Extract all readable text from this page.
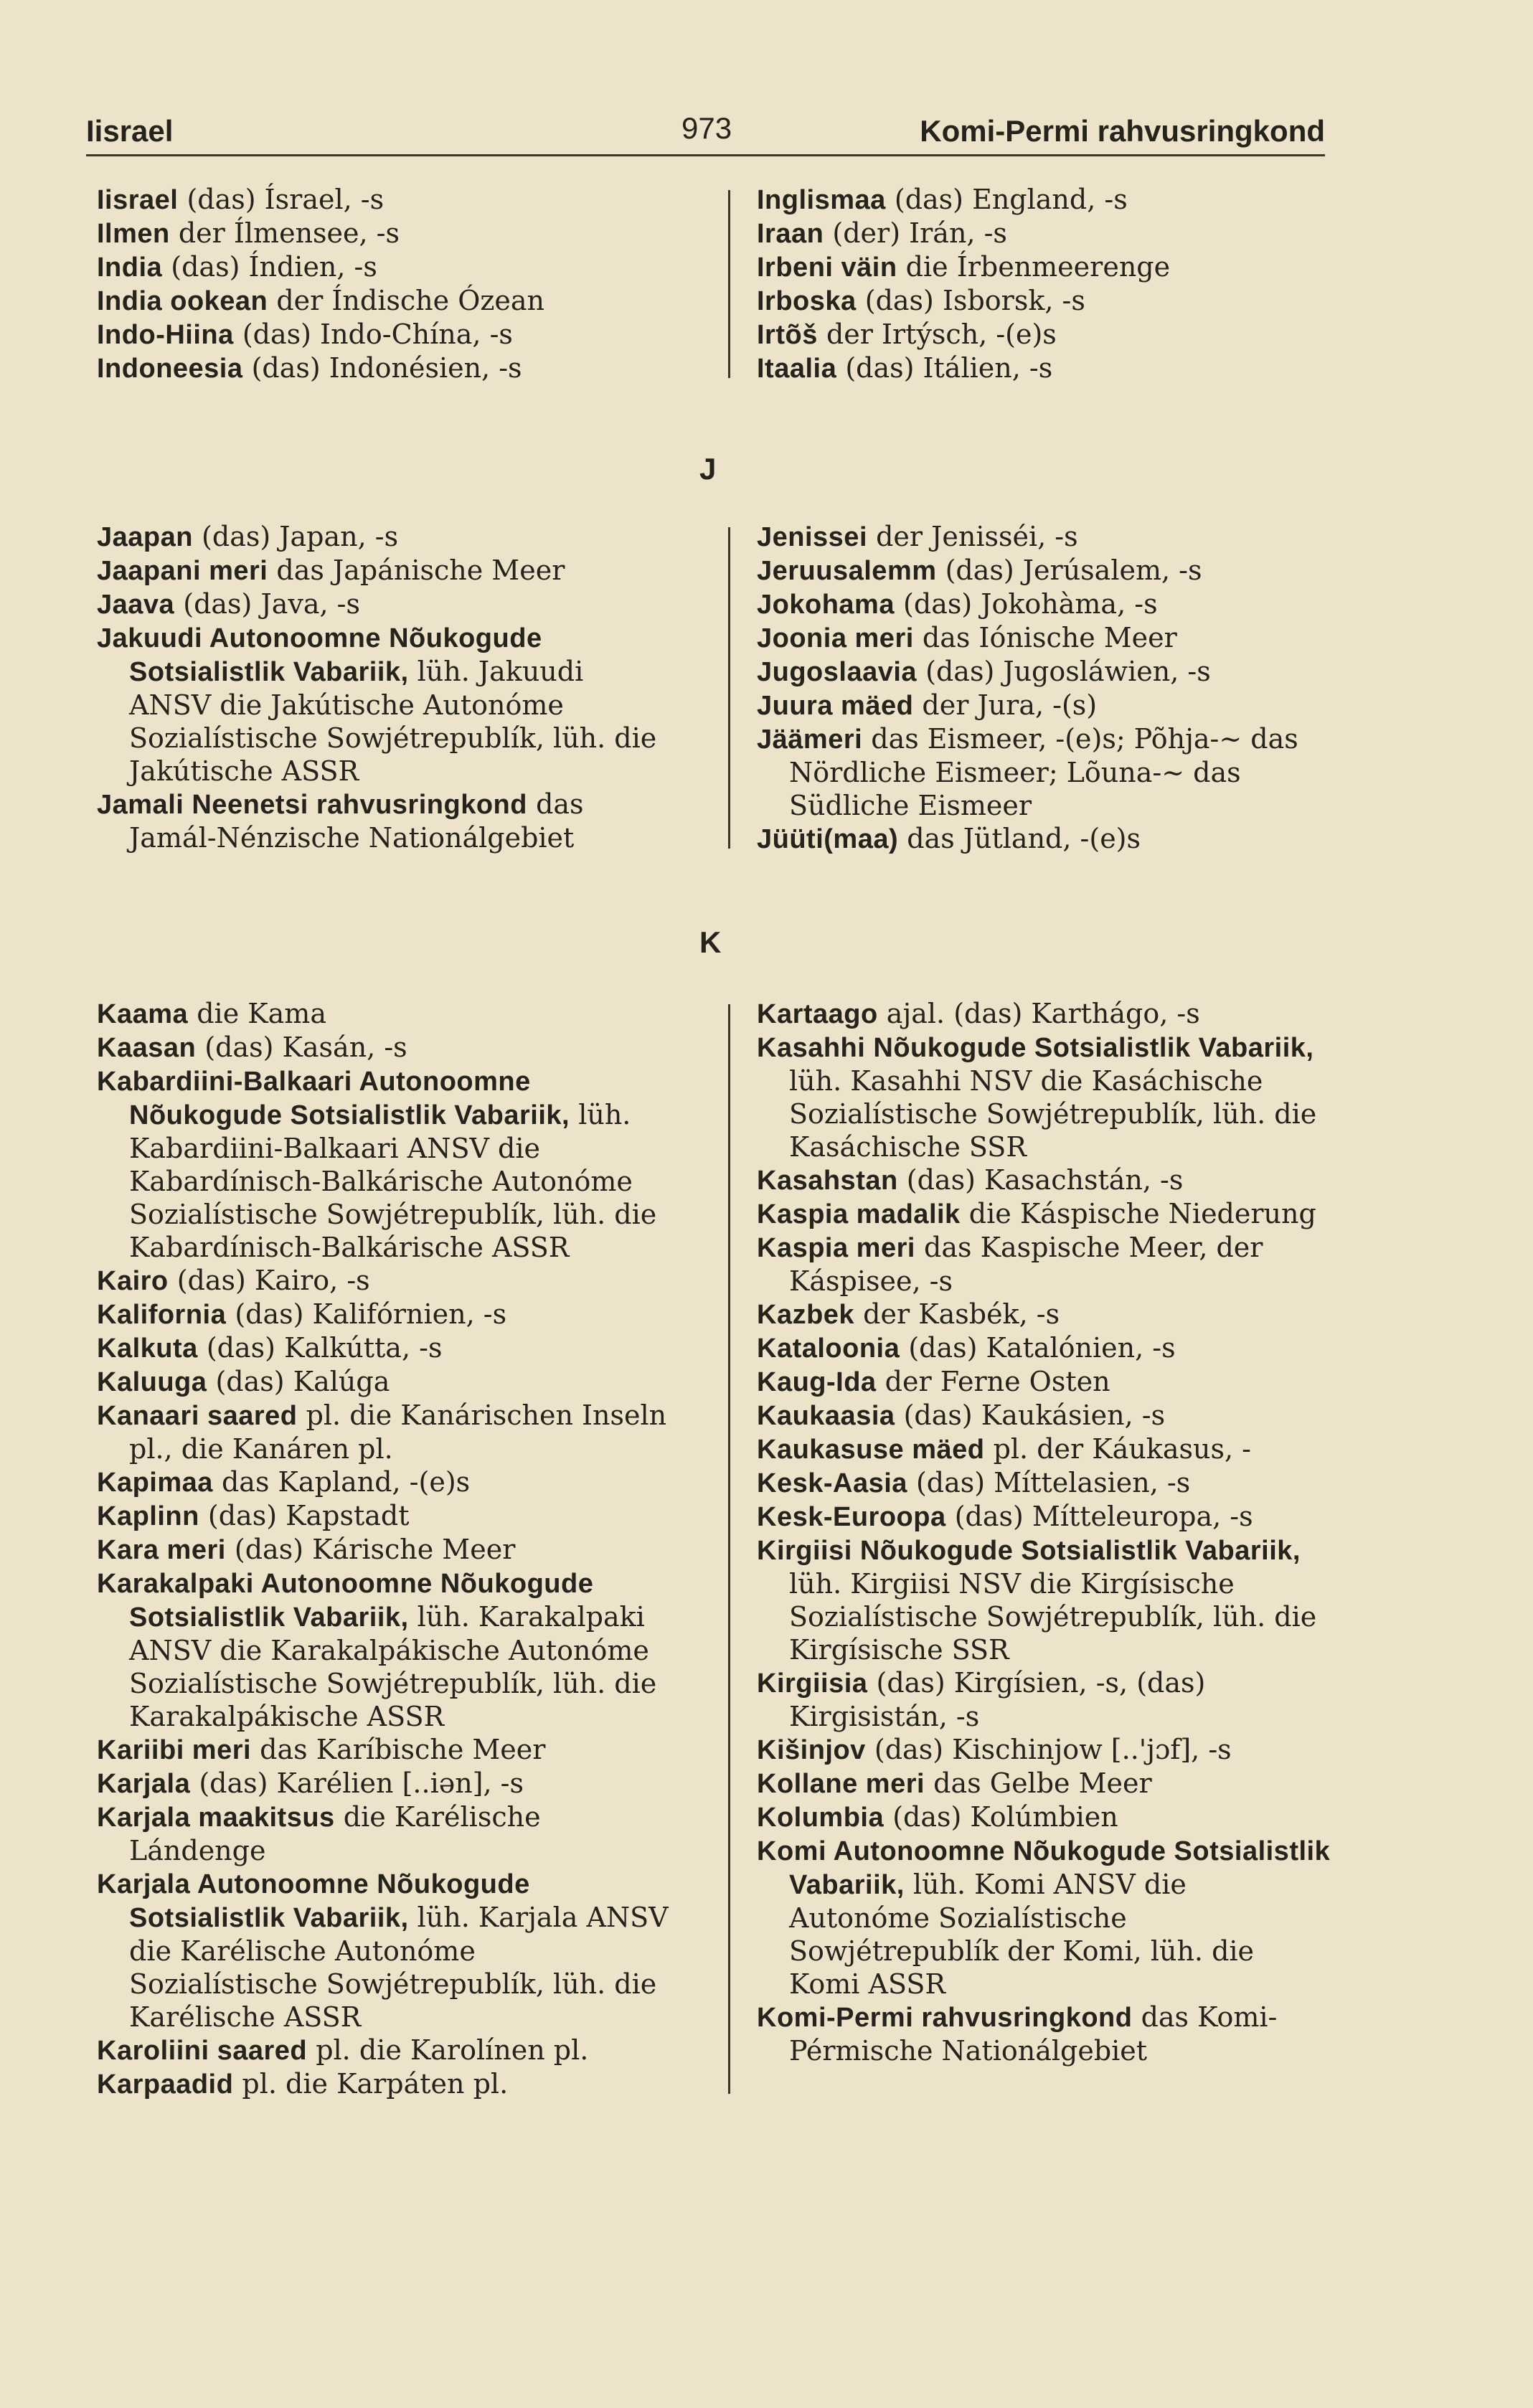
Iisrael	973	Komi-Permi rahvusringkond

Iisrael (das) Ísrael, -s

Ilmen der Ílmensee, -s

India (das) Índien, -s

India ookean der Índische Ózean

Indo-Hiina (das) Indo-Chína, -s

Indoneesia (das) Indonésien, -s

Inglismaa (das) England, -s

Iraan (der) Irán, -s

Irbeni väin die Írbenmeerenge

Irboska (das) Isborsk, -s

Irtõš der Irtýsch, -(e)s

Itaalia (das) Itálien, -s

J

Jaapan (das) Japan, -s

Jaapani meri das Japánische Meer

Jaava (das) Java, -s

Jakuudi Autonoomne Nõukogude Sotsialistlik Vabariik, lüh. Jakuudi ANSV die Jakútische Autonóme Sozialístische Sowjétrepublík, lüh. die Jakútische ASSR

Jamali Neenetsi rahvusringkond das Jamál-Nénzische Nationálgebiet

Jenissei der Jenisséi, -s

Jeruusalemm (das) Jerúsalem, -s

Jokohama (das) Jokohàma, -s

Joonia meri das Iónische Meer

Jugoslaavia (das) Jugosláwien, -s

Juura mäed der Jura, -(s)

Jäämeri das Eismeer, -(e)s; Põhja-~ das Nördliche Eismeer; Lõuna-~ das Südliche Eismeer

Jüüti(maa) das Jütland, -(e)s

K

Kaama die Kama

Kaasan (das) Kasán, -s

Kabardiini-Balkaari Autonoomne Nõukogude Sotsialistlik Vabariik, lüh. Kabardiini-Balkaari ANSV die Kabardínisch-Balkárische Autonóme Sozialístische Sowjétrepublík, lüh. die Kabardínisch-Balkárische ASSR

Kairo (das) Kairo, -s

Kalifornia (das) Kalifórnien, -s

Kalkuta (das) Kalkútta, -s

Kaluuga (das) Kalúga

Kanaari saared pl. die Kanárischen Inseln pl., die Kanáren pl.

Kapimaa das Kapland, -(e)s

Kaplinn (das) Kapstadt

Kara meri (das) Kárische Meer

Karakalpaki Autonoomne Nõukogude Sotsialistlik Vabariik, lüh. Karakalpaki ANSV die Karakalpákische Autonóme Sozialístische Sowjétrepublík, lüh. die Karakalpákische ASSR

Kariibi meri das Karíbische Meer

Karjala (das) Karélien [..iən], -s

Karjala maakitsus die Karélische Lándenge

Karjala Autonoomne Nõukogude Sotsialistlik Vabariik, lüh. Karjala ANSV die Karélische Autonóme Sozialístische Sowjétrepublík, lüh. die Karélische ASSR

Karoliini saared pl. die Karolínen pl.

Karpaadid pl. die Karpáten pl.

Kartaago ajal. (das) Karthágo, -s

Kasahhi Nõukogude Sotsialistlik Vabariik, lüh. Kasahhi NSV die Kasáchische Sozialístische Sowjétrepublík, lüh. die Kasáchische SSR

Kasahstan (das) Kasachstán, -s

Kaspia madalik die Káspische Niederung

Kaspia meri das Kaspische Meer, der Káspisee, -s

Kazbek der Kasbék, -s

Kataloonia (das) Katalónien, -s

Kaug-Ida der Ferne Osten

Kaukaasia (das) Kaukásien, -s

Kaukasuse mäed pl. der Káukasus, -

Kesk-Aasia (das) Míttelasien, -s

Kesk-Euroopa (das) Mítteleuropa, -s

Kirgiisi Nõukogude Sotsialistlik Vabariik, lüh. Kirgiisi NSV die Kirgísische Sozialístische Sowjétrepublík, lüh. die Kirgísische SSR

Kirgiisia (das) Kirgísien, -s, (das) Kirgisistán, -s

Kišinjov (das) Kischinjow [..'jɔf], -s

Kollane meri das Gelbe Meer

Kolumbia (das) Kolúmbien

Komi Autonoomne Nõukogude Sotsialistlik Vabariik, lüh. Komi ANSV die Autonóme Sozialístische Sowjétrepublík der Komi, lüh. die Komi ASSR

Komi-Permi rahvusringkond das Komi-Pérmische Nationálgebiet
